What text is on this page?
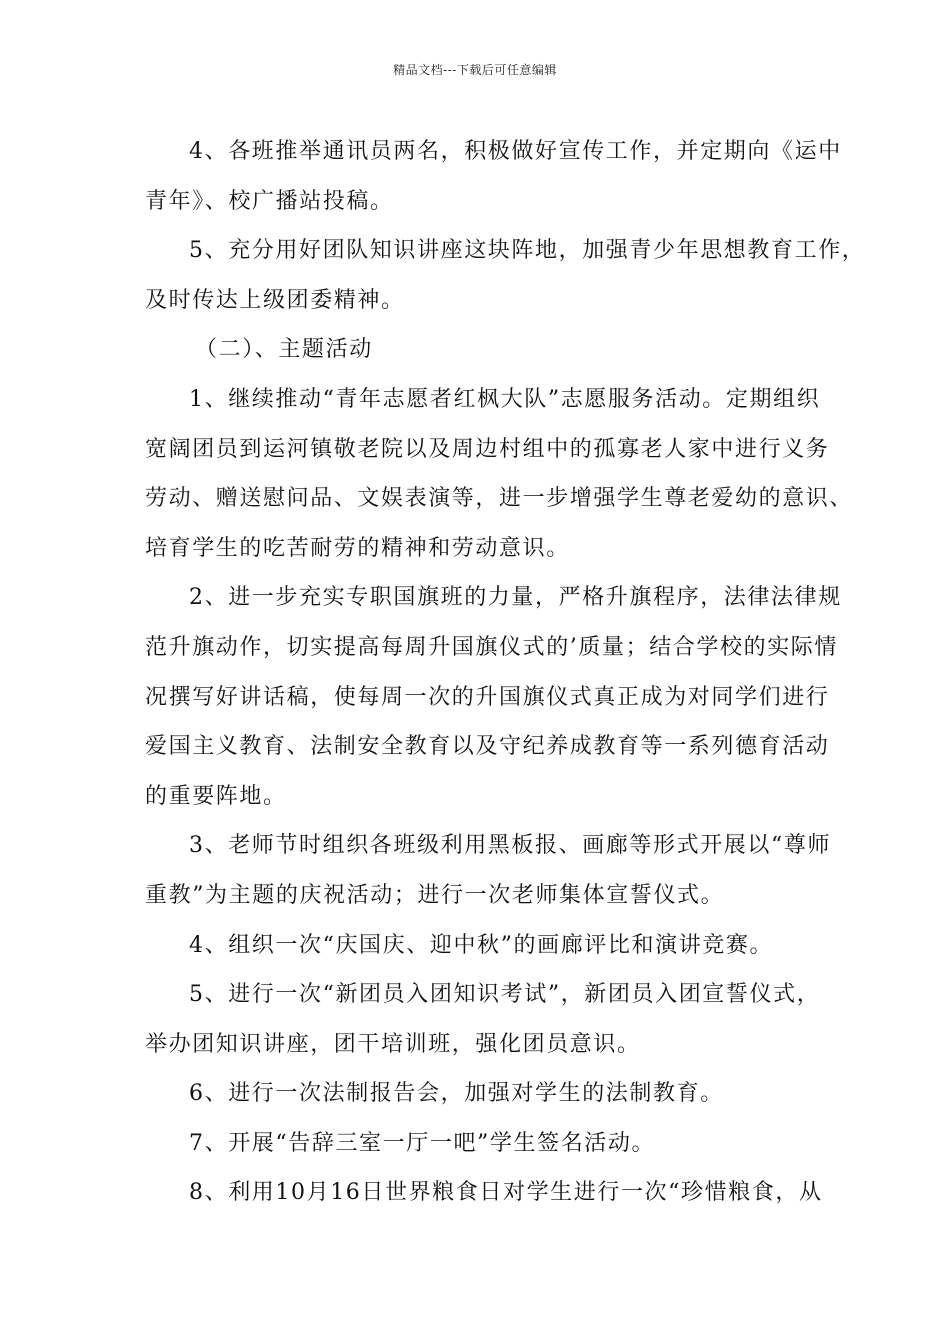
精品文档---下载后可任意编辑
4、各班推举通讯员两名，积极做好宣传工作，并定期向《运中
青年》、校广播站投稿。
5、充分用好团队知识讲座这块阵地，加强青少年思想教育工作，
及时传达上级团委精神。
（二）、主题活动
1、继续推动“青年志愿者红枫大队”志愿服务活动。定期组织
宽阔团员到运河镇敬老院以及周边村组中的孤寡老人家中进行义务
劳动、赠送慰问品、文娱表演等，进一步增强学生尊老爱幼的意识、
培育学生的吃苦耐劳的精神和劳动意识。
2、进一步充实专职国旗班的力量，严格升旗程序，法律法律规
范升旗动作，切实提高每周升国旗仪式的’质量；结合学校的实际情
况撰写好讲话稿，使每周一次的升国旗仪式真正成为对同学们进行
爱国主义教育、法制安全教育以及守纪养成教育等一系列德育活动
的重要阵地。
3、老师节时组织各班级利用黑板报、画廊等形式开展以“尊师
重教”为主题的庆祝活动；进行一次老师集体宣誓仪式。
4、组织一次“庆国庆、迎中秋”的画廊评比和演讲竞赛。
5、进行一次“新团员入团知识考试”，新团员入团宣誓仪式，
举办团知识讲座，团干培训班，强化团员意识。
6、进行一次法制报告会，加强对学生的法制教育。
7、开展“告辞三室一厅一吧”学生签名活动。
8、利用10月16日世界粮食日对学生进行一次“珍惜粮食，从
